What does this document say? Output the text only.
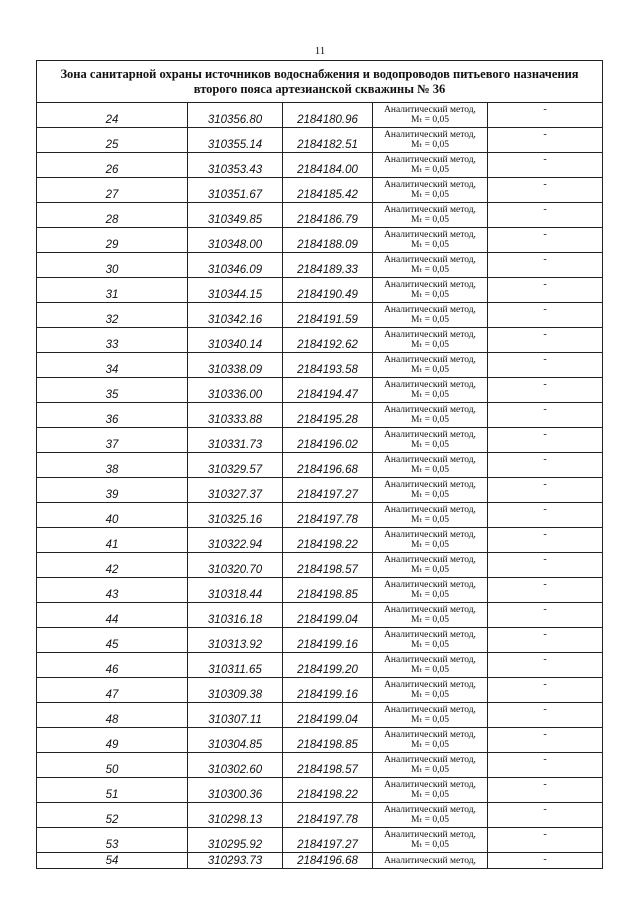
11
Зона санитарной охраны источников водоснабжения и водопроводов питьевого назначения второго пояса артезианской скважины № 36				
24	310356.80	2184180.96	Аналитический метод,
Mₜ = 0,05	-
25	310355.14	2184182.51	Аналитический метод,
Mₜ = 0,05	-
26	310353.43	2184184.00	Аналитический метод,
Mₜ = 0,05	-
27	310351.67	2184185.42	Аналитический метод,
Mₜ = 0,05	-
28	310349.85	2184186.79	Аналитический метод,
Mₜ = 0,05	-
29	310348.00	2184188.09	Аналитический метод,
Mₜ = 0,05	-
30	310346.09	2184189.33	Аналитический метод,
Mₜ = 0,05	-
31	310344.15	2184190.49	Аналитический метод,
Mₜ = 0,05	-
32	310342.16	2184191.59	Аналитический метод,
Mₜ = 0,05	-
33	310340.14	2184192.62	Аналитический метод,
Mₜ = 0,05	-
34	310338.09	2184193.58	Аналитический метод,
Mₜ = 0,05	-
35	310336.00	2184194.47	Аналитический метод,
Mₜ = 0,05	-
36	310333.88	2184195.28	Аналитический метод,
Mₜ = 0,05	-
37	310331.73	2184196.02	Аналитический метод,
Mₜ = 0,05	-
38	310329.57	2184196.68	Аналитический метод,
Mₜ = 0,05	-
39	310327.37	2184197.27	Аналитический метод,
Mₜ = 0,05	-
40	310325.16	2184197.78	Аналитический метод,
Mₜ = 0,05	-
41	310322.94	2184198.22	Аналитический метод,
Mₜ = 0,05	-
42	310320.70	2184198.57	Аналитический метод,
Mₜ = 0,05	-
43	310318.44	2184198.85	Аналитический метод,
Mₜ = 0,05	-
44	310316.18	2184199.04	Аналитический метод,
Mₜ = 0,05	-
45	310313.92	2184199.16	Аналитический метод,
Mₜ = 0,05	-
46	310311.65	2184199.20	Аналитический метод,
Mₜ = 0,05	-
47	310309.38	2184199.16	Аналитический метод,
Mₜ = 0,05	-
48	310307.11	2184199.04	Аналитический метод,
Mₜ = 0,05	-
49	310304.85	2184198.85	Аналитический метод,
Mₜ = 0,05	-
50	310302.60	2184198.57	Аналитический метод,
Mₜ = 0,05	-
51	310300.36	2184198.22	Аналитический метод,
Mₜ = 0,05	-
52	310298.13	2184197.78	Аналитический метод,
Mₜ = 0,05	-
53	310295.92	2184197.27	Аналитический метод,
Mₜ = 0,05	-
54	310293.73	2184196.68	Аналитический метод,	-
